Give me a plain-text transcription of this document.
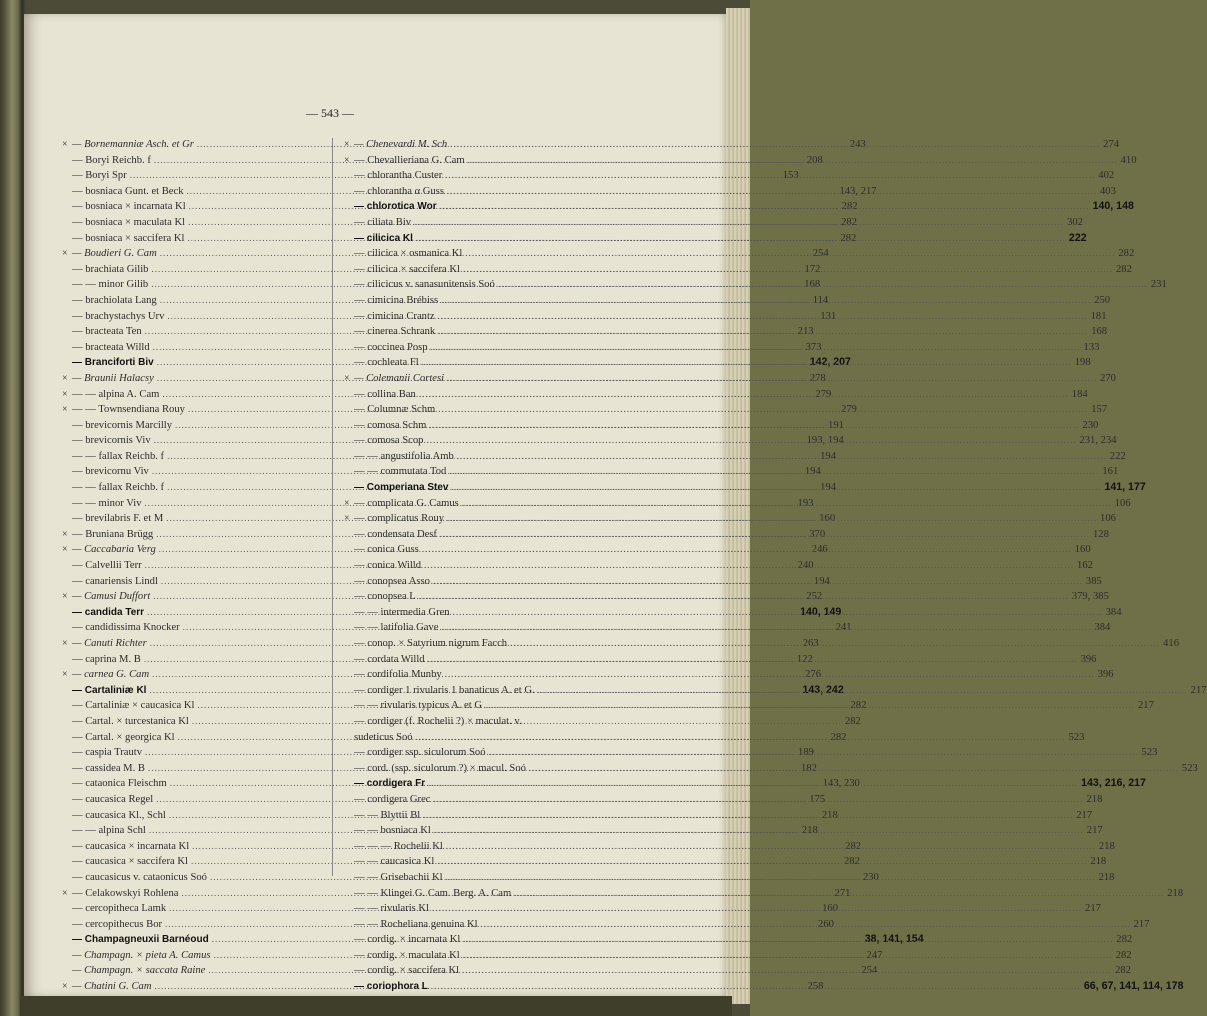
— 543 —
× — Bornemanniæ Asch. et Gr .....	243
— Boryi Reichb. f .....	208
— Boryi Spr .....	153
— bosniaca Gunt. et Beck .....	143, 217
— bosniaca × incarnata Kl .....	282
— bosniaca × maculata Kl .....	282
— bosniaca × saccifera Kl .....	282
× — Boudieri G. Cam .....	254
— brachiata Gilib .....	172
— — minor Gilib .....	168
— brachiolata Lang .....	114
— brachystachys Urv .....	131
— bracteata Ten .....	213
— bracteata Willd .....	373
— Branciforti Biv .....	142, 207
× — Braunii Halacsy .....	278
× — — alpina A. Cam .....	279
× — — Townsendiana Rouy .....	279
— brevicornis Marcilly .....	191
— brevicornis Viv .....	193, 194
— — fallax Reichb. f .....	194
— brevicornu Viv .....	194
— — fallax Reichb. f .....	194
— — minor Viv .....	193
— brevilabris F. et M .....	160
× — Bruniana Brügg .....	370
× — Caccabaria Verg .....	246
— Calvellii Terr .....	240
— canariensis Lindl .....	194
× — Camusi Duffort .....	252
— candida Terr .....	140, 149
— candidissima Knocker .....	241
× — Canuti Richter .....	263
— caprina M. B .....	122
× — carnea G. Cam .....	276
— Cartaliniæ Kl .....	143, 242
— Cartaliniæ × caucasica Kl .....	282
— Cartal. × turcestanica Kl .....	282
— Cartal. × georgica Kl .....	282
— caspia Trautv .....	189
— cassidea M. B .....	182
— cataonica Fleischm .....	143, 230
— caucasica Regel .....	175
— caucasica Kl., Schl .....	218
— — alpina Schl .....	218
— caucasica × incarnata Kl .....	282
— caucasica × saccifera Kl .....	282
— caucasicus v. cataonicus Soó .....	230
× — Celakowskyi Rohlena .....	271
— cercopitheca Lamk .....	160
— cercopithecus Bor .....	260
— Champagneuxii Barnéoud .....	38, 141, 154
— Champagn. × pieta A. Camus .....	247
— Champagn. × saccata Raine .....	254
× — Chatini G. Cam .....	258
× — Chenevardi M. Sch .....	274
× — Chevallieriana G. Cam .....	410
— chlorantha Custer .....	402
— chlorantha α Guss .....	403
— chlorotica Wor .....	140, 148
— ciliata Biv .....	302
— cilicica Kl .....	222
— cilicica × osmanica Kl .....	282
— cilicica × saccifera Kl .....	282
— cilicicus v. sanasunitensis Soó .....	231
— cimicina Brébiss .....	250
— cimicina Crantz .....	181
— cinerea Schrank .....	168
— coccinea Posp .....	133
— cochleata Fl .....	198
× — Colemanii Cortesi .....	270
— collina Ban .....	184
— Columnæ Schm .....	157
— comosa Schm .....	230
— comosa Scop .....	231, 234
— — angustifolia Amb .....	222
— — commutata Tod .....	161
— Comperiana Stev .....	141, 177
× — complicata G. Camus .....	106
× — complicatus Rouy .....	106
— condensata Desf .....	128
— conica Guss .....	160
— conica Willd .....	162
— conopsea Asso .....	385
— conopsea L .....	379, 385
— — intermedia Gren .....	384
— — latifolia Gave .....	384
— conop. × Satyrium nigrum Facch .....	416
— cordata Willd .....	396
— cordifolia Munby .....	396
— cordiger 1 rivularis 1 banaticus A. et G. .....	217
— — rivularis typicus A. et G .....	217
— cordiger (f. Rochelii ?) × maculat. v.
sudeticus Soó .....	523
— cordiger ssp. siculorum Soó .....	523
— cord. (ssp. siculorum ?) × macul. Soó .....	523
— cordigera Fr .....	143, 216, 217
— cordigera Grec .....	218
— — Blyttii Bl .....	217
— — bosniaca Kl .....	217
— — — Rochelii Kl .....	218
— — caucasica Kl .....	218
— — Grisebachii Kl .....	218
— — Klingei G. Cam. Berg. A. Cam .....	218
— — rivularis Kl .....	217
— — Rocheliana genuina Kl .....	217
— cordig. × incarnata Kl .....	282
— cordig. × maculata Kl .....	282
— cordig. × saccifera Kl .....	282
— coriophora L .....	66, 67, 141, 114, 178
